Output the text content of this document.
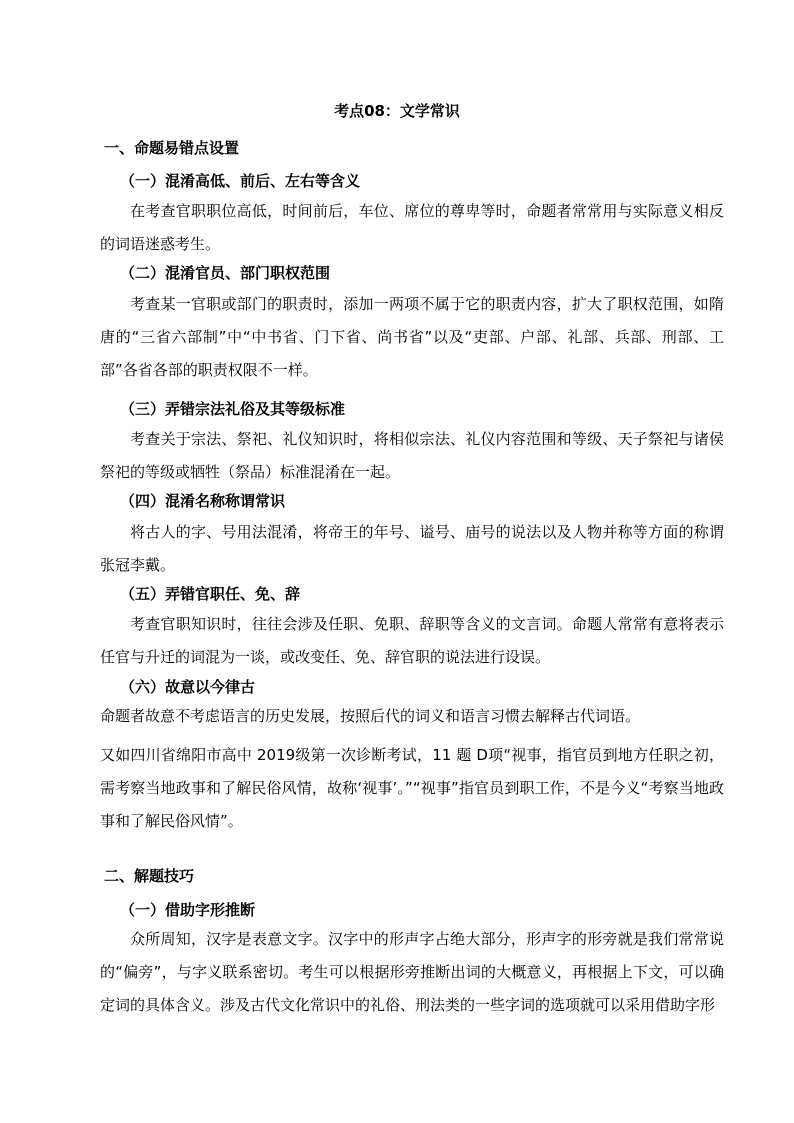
考点08：文学常识
一、命题易错点设置
（一）混淆高低、前后、左右等含义

在考查官职职位高低，时间前后，车位、席位的尊卑等时，命题者常常用与实际意义相反的词语迷惑考生。

（二）混淆官员、部门职权范围

考查某一官职或部门的职责时，添加一两项不属于它的职责内容，扩大了职权范围，如隋唐的“三省六部制”中“中书省、门下省、尚书省”以及“吏部、户部、礼部、兵部、刑部、工部”各省各部的职责权限不一样。

（三）弄错宗法礼俗及其等级标准

考查关于宗法、祭祀、礼仪知识时，将相似宗法、礼仪内容范围和等级、天子祭祀与诸侯祭祀的等级或牺牲（祭品）标准混淆在一起。

（四）混淆名称称谓常识

将古人的字、号用法混淆，将帝王的年号、谥号、庙号的说法以及人物并称等方面的称谓张冠李戴。

（五）弄错官职任、免、辞

考查官职知识时，往往会涉及任职、免职、辞职等含义的文言词。命题人常常有意将表示任官与升迁的词混为一谈，或改变任、免、辞官职的说法进行设误。

（六）故意以今律古

命题者故意不考虑语言的历史发展，按照后代的词义和语言习惯去解释古代词语。

又如四川省绵阳市高中 2019级第一次诊断考试，11 题 D项“视事，指官员到地方任职之初，需考察当地政事和了解民俗风情，故称‘视事’。”“视事”指官员到职工作，不是今义“考察当地政事和了解民俗风情”。

二、解题技巧
（一）借助字形推断

众所周知，汉字是表意文字。汉字中的形声字占绝大部分，形声字的形旁就是我们常常说的“偏旁”，与字义联系密切。考生可以根据形旁推断出词的大概意义，再根据上下文，可以确定词的具体含义。涉及古代文化常识中的礼俗、刑法类的一些字词的选项就可以采用借助字形
